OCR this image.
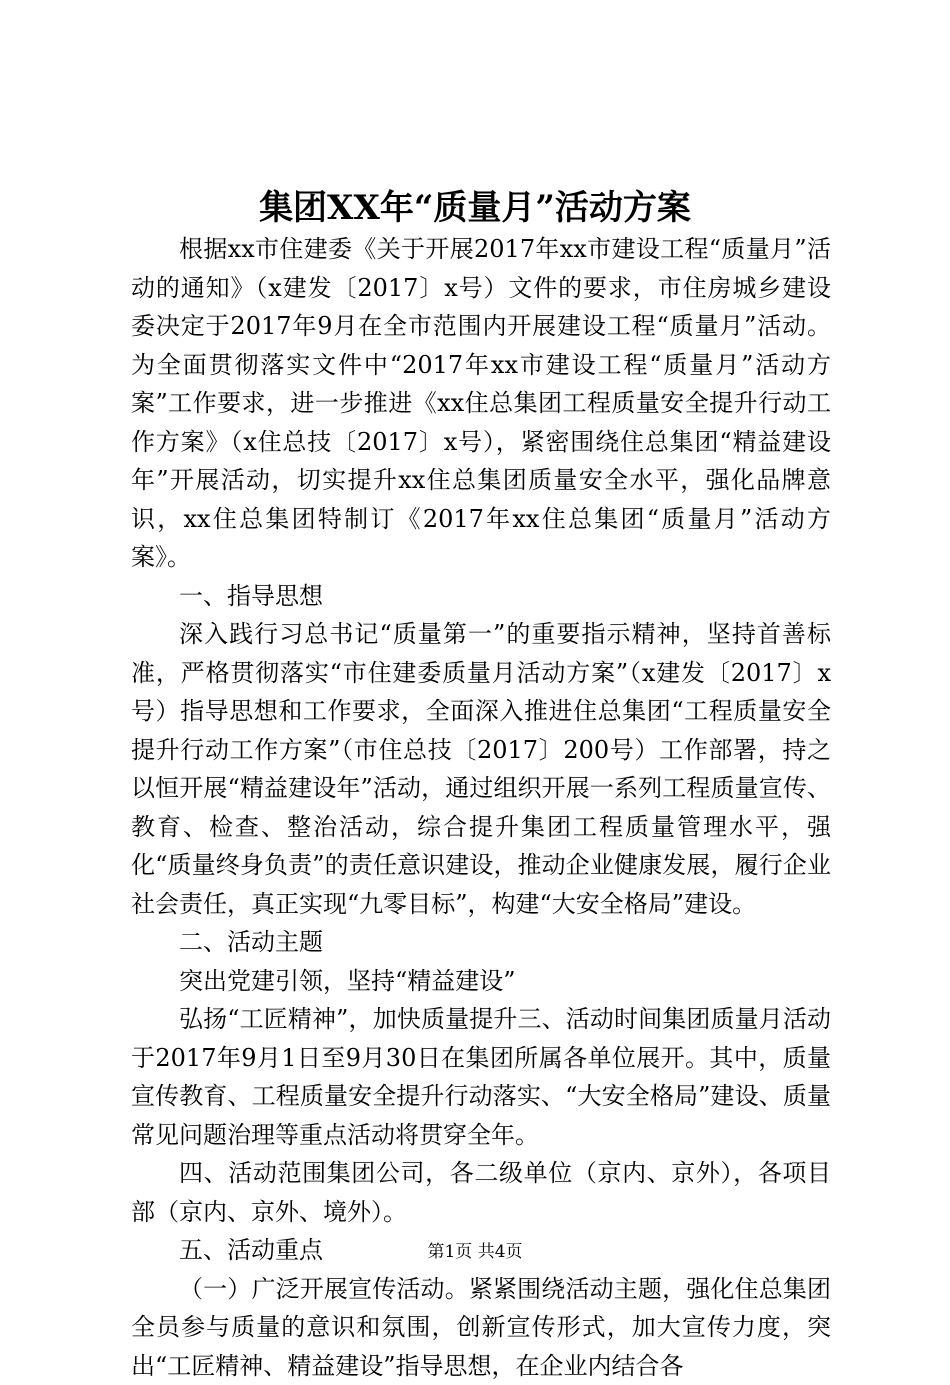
集团XX年“质量月”活动方案

根据xx市住建委《关于开展2017年xx市建设工程“质量月”活动的通知》（x建发〔2017〕x号）文件的要求，市住房城乡建设委决定于2017年9月在全市范围内开展建设工程“质量月”活动。为全面贯彻落实文件中“2017年xx市建设工程“质量月”活动方案”工作要求，进一步推进《xx住总集团工程质量安全提升行动工作方案》（x住总技〔2017〕x号），紧密围绕住总集团“精益建设年”开展活动，切实提升xx住总集团质量安全水平，强化品牌意识，xx住总集团特制订《2017年xx住总集团“质量月”活动方案》。

一、指导思想

深入践行习总书记“质量第一”的重要指示精神，坚持首善标准，严格贯彻落实“市住建委质量月活动方案”（x建发〔2017〕x号）指导思想和工作要求，全面深入推进住总集团“工程质量安全提升行动工作方案”（市住总技〔2017〕200号）工作部署，持之以恒开展“精益建设年”活动，通过组织开展一系列工程质量宣传、教育、检查、整治活动，综合提升集团工程质量管理水平，强化“质量终身负责”的责任意识建设，推动企业健康发展，履行企业社会责任，真正实现“九零目标”，构建“大安全格局”建设。

二、活动主题

突出党建引领，坚持“精益建设”

弘扬“工匠精神”，加快质量提升三、活动时间集团质量月活动于2017年9月1日至9月30日在集团所属各单位展开。其中，质量宣传教育、工程质量安全提升行动落实、“大安全格局”建设、质量常见问题治理等重点活动将贯穿全年。

四、活动范围集团公司，各二级单位（京内、京外），各项目部（京内、京外、境外）。

五、活动重点

（一）广泛开展宣传活动。紧紧围绕活动主题，强化住总集团全员参与质量的意识和氛围，创新宣传形式，加大宣传力度，突出“工匠精神、精益建设”指导思想，在企业内结合各

第1页 共4页
